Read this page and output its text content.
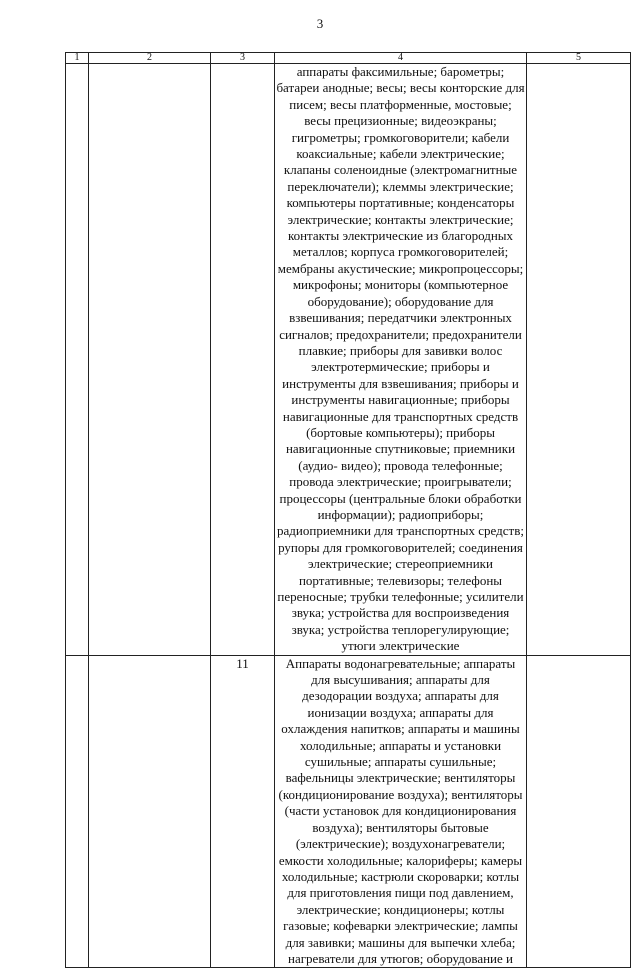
3
1	2	3	4	5
			аппараты факсимильные; барометры; батареи анодные; весы; весы конторские для писем; весы платформенные, мостовые; весы прецизионные; видеоэкраны; гигрометры; громкоговорители; кабели коаксиальные; кабели электрические; клапаны соленоидные (электромагнитные переключатели); клеммы электрические; компьютеры портативные; конденсаторы электрические; контакты электрические; контакты электрические из благородных металлов; корпуса громкоговорителей; мембраны акустические; микропроцессоры; микрофоны; мониторы (компьютерное оборудование); оборудование для взвешивания; передатчики электронных сигналов; предохранители; предохранители плавкие; приборы для завивки волос электротермические; приборы и инструменты для взвешивания; приборы и инструменты навигационные; приборы навигационные для транспортных средств (бортовые компьютеры); приборы навигационные спутниковые; приемники (аудио- видео); провода телефонные; провода электрические; проигрыватели; процессоры (центральные блоки обработки информации); радиоприборы; радиоприемники для транспортных средств; рупоры для громкоговорителей; соединения электрические; стереоприемники портативные; телевизоры; телефоны переносные; трубки телефонные; усилители звука; устройства для воспроизведения звука; устройства теплорегулирующие; утюги электрические	
		11	Аппараты водонагревательные; аппараты для высушивания; аппараты для дезодорации воздуха; аппараты для ионизации воздуха; аппараты для охлаждения напитков; аппараты и машины холодильные; аппараты и установки сушильные; аппараты сушильные; вафельницы электрические; вентиляторы (кондиционирование воздуха); вентиляторы (части установок для кондиционирования воздуха); вентиляторы бытовые (электрические); воздухонагреватели; емкости холодильные; калориферы; камеры холодильные; кастрюли скороварки; котлы для приготовления пищи под давлением, электрические; кондиционеры; котлы газовые; кофеварки электрические; лампы для завивки; машины для выпечки хлеба; нагреватели для утюгов; оборудование и	
